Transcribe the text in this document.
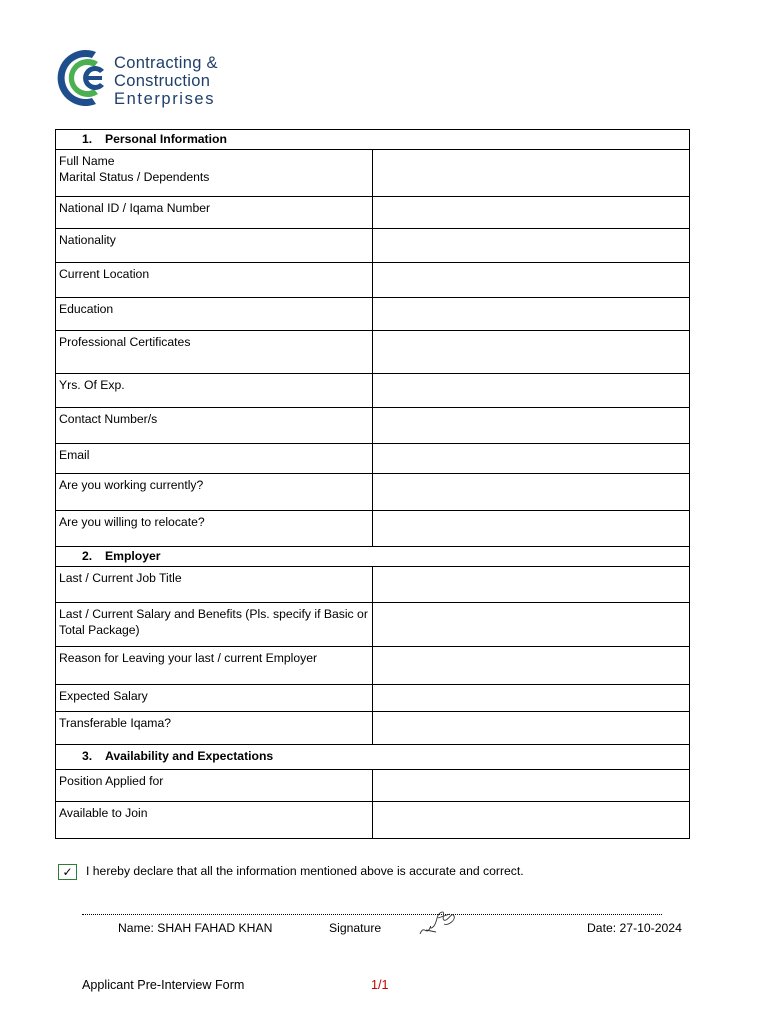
Contracting &
Construction
Enterprises
1. Personal Information	
Full Name
Marital Status / Dependents	
National ID / Iqama Number	
Nationality	
Current Location	
Education	
Professional Certificates	
Yrs. Of Exp.	
Contact Number/s	
Email	
Are you working currently?	
Are you willing to relocate?	
2. Employer	
Last / Current Job Title	
Last / Current Salary and Benefits (Pls. specify if Basic or Total Package)	
Reason for Leaving your last / current Employer	
Expected Salary	
Transferable Iqama?	
3. Availability and Expectations	
Position Applied for	
Available to Join	
✓	I hereby declare that all the information mentioned above is accurate and correct.
Name: SHAH FAHAD KHAN	Signature	Date: 27-10-2024
Applicant Pre-Interview Form	1/1
